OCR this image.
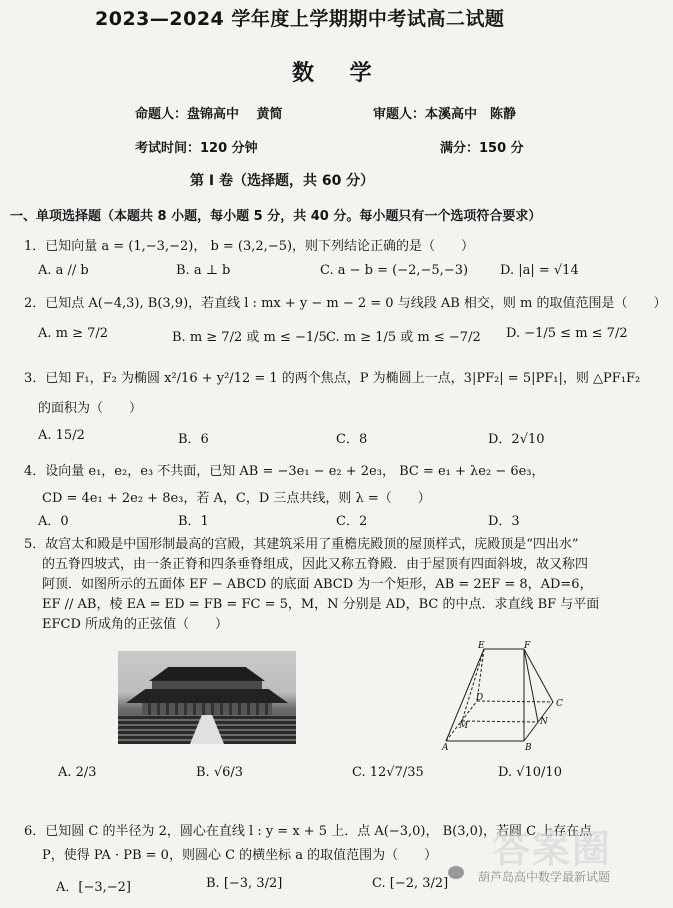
2023—2024 学年度上学期期中考试高二试题
数 学
命题人：盘锦高中　 黄简	审题人：本溪高中　陈静
考试时间：120 分钟	满分：150 分
第 Ⅰ 卷（选择题，共 60 分）
一、单项选择题（本题共 8 小题，每小题 5 分，共 40 分。每小题只有一个选项符合要求）
1．已知向量 a = (1,−3,−2)， b = (3,2,−5)，则下列结论正确的是（　　）
A. a // b	B. a ⊥ b	C. a − b = (−2,−5,−3) D. |a| = √14
2．已知点 A(−4,3), B(3,9)，若直线 l : mx + y − m − 2 = 0 与线段 AB 相交，则 m 的取值范围是（　　）
A. m ≥ 7/2	B. m ≥ 7/2 或 m ≤ −1/5 C. m ≥ 1/5 或 m ≤ −7/2 D. −1/5 ≤ m ≤ 7/2
3．已知 F₁，F₂ 为椭圆 x²/16 + y²/12 = 1 的两个焦点，P 为椭圆上一点，3|PF₂| = 5|PF₁|，则 △PF₁F₂
的面积为（　　）
A. 15/2	B．6	C．8	D．2√10
4．设向量 e₁，e₂，e₃ 不共面，已知 AB = −3e₁ − e₂ + 2e₃， BC = e₁ + λe₂ − 6e₃，
CD = 4e₁ + 2e₂ + 8e₃，若 A，C，D 三点共线，则 λ =（　　）
A．0	B．1	C．2	D．3
5．故宫太和殿是中国形制最高的宫殿，其建筑采用了重檐庑殿顶的屋顶样式，庑殿顶是“四出水”
的五脊四坡式，由一条正脊和四条垂脊组成，因此又称五脊殿．由于屋顶有四面斜坡，故又称四
阿顶．如图所示的五面体 EF − ABCD 的底面 ABCD 为一个矩形，AB = 2EF = 8，AD=6，
EF // AB，棱 EA = ED = FB = FC = 5，M，N 分别是 AD，BC 的中点．求直线 BF 与平面
EFCD 所成角的正弦值（　　）
E	F
D
C
M	N
A	B
A. 2/3	B. √6/3	C. 12√7/35	D. √10/10
6．已知圆 C 的半径为 2，圆心在直线 l : y = x + 5 上．点 A(−3,0)， B(3,0)，若圆 C 上存在点
P，使得 PA · PB = 0，则圆心 C 的横坐标 a 的取值范围为（　　）
A．[−3,−2]	B. [−3, 3/2]	C. [−2, 3/2]
答案圈
葫芦岛高中数学最新试题
